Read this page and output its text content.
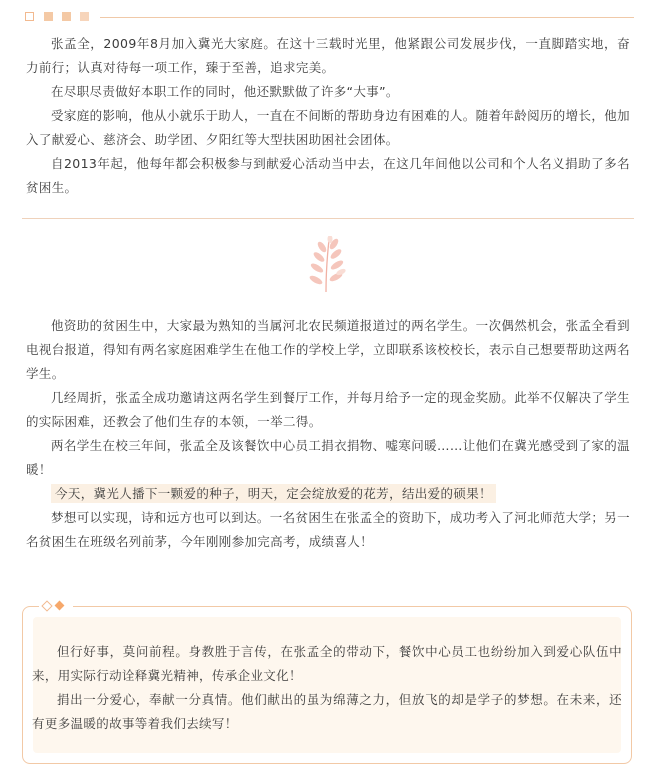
张孟全，2009年8月加入冀光大家庭。在这十三载时光里，他紧跟公司发展步伐，一直脚踏实地，奋力前行；认真对待每一项工作，臻于至善，追求完美。

在尽职尽责做好本职工作的同时，他还默默做了许多“大事”。

受家庭的影响，他从小就乐于助人，一直在不间断的帮助身边有困难的人。随着年龄阅历的增长，他加入了献爱心、慈济会、助学团、夕阳红等大型扶困助困社会团体。

自2013年起，他每年都会积极参与到献爱心活动当中去，在这几年间他以公司和个人名义捐助了多名贫困生。

他资助的贫困生中，大家最为熟知的当属河北农民频道报道过的两名学生。一次偶然机会，张孟全看到电视台报道，得知有两名家庭困难学生在他工作的学校上学，立即联系该校校长，表示自己想要帮助这两名学生。

几经周折，张孟全成功邀请这两名学生到餐厅工作，并每月给予一定的现金奖励。此举不仅解决了学生的实际困难，还教会了他们生存的本领，一举二得。

两名学生在校三年间，张孟全及该餐饮中心员工捐衣捐物、嘘寒问暖……让他们在冀光感受到了家的温暖！

今天，冀光人播下一颗爱的种子，明天，定会绽放爱的花芳，结出爱的硕果！

梦想可以实现，诗和远方也可以到达。一名贫困生在张孟全的资助下，成功考入了河北师范大学；另一名贫困生在班级名列前茅，今年刚刚参加完高考，成绩喜人！

但行好事，莫问前程。身教胜于言传，在张孟全的带动下，餐饮中心员工也纷纷加入到爱心队伍中来，用实际行动诠释冀光精神，传承企业文化！

捐出一分爱心，奉献一分真情。他们献出的虽为绵薄之力，但放飞的却是学子的梦想。在未来，还有更多温暖的故事等着我们去续写！
